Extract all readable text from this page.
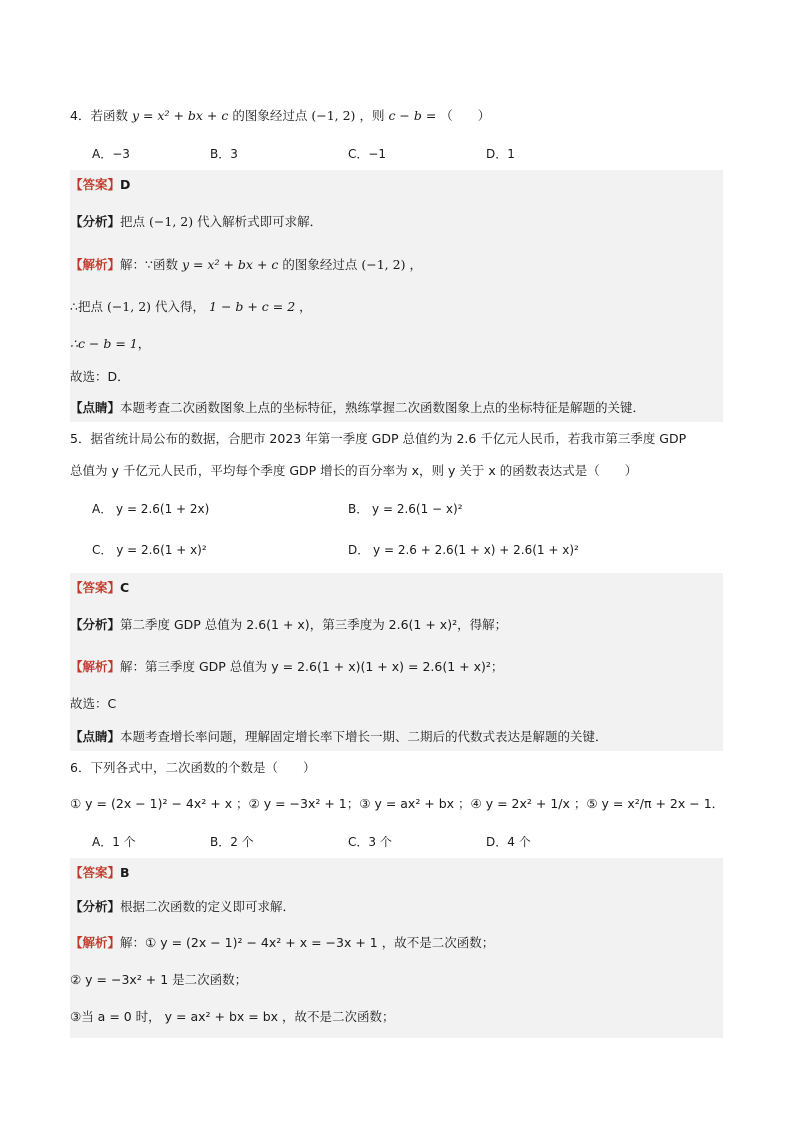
4．若函数 y = x² + bx + c 的图象经过点 (−1, 2) ，则 c − b = （　　）
A．−3	B．3	C．−1	D．1
【答案】D
【分析】把点 (−1, 2) 代入解析式即可求解．
【解析】解：∵函数 y = x² + bx + c 的图象经过点 (−1, 2) ，
∴把点 (−1, 2) 代入得， 1 − b + c = 2 ，
∴c − b = 1，
故选：D．
【点睛】本题考查二次函数图象上点的坐标特征，熟练掌握二次函数图象上点的坐标特征是解题的关键．
5．据省统计局公布的数据，合肥市 2023 年第一季度 GDP 总值约为 2.6 千亿元人民币，若我市第三季度 GDP
总值为 y 千亿元人民币，平均每个季度 GDP 增长的百分率为 x，则 y 关于 x 的函数表达式是（　　）
A． y = 2.6(1 + 2x)	B． y = 2.6(1 − x)²
C． y = 2.6(1 + x)²	D． y = 2.6 + 2.6(1 + x) + 2.6(1 + x)²
【答案】C
【分析】第二季度 GDP 总值为 2.6(1 + x)，第三季度为 2.6(1 + x)²，得解；
【解析】解：第三季度 GDP 总值为 y = 2.6(1 + x)(1 + x) = 2.6(1 + x)²；
故选：C
【点睛】本题考查增长率问题，理解固定增长率下增长一期、二期后的代数式表达是解题的关键．
6．下列各式中，二次函数的个数是（　　）
① y = (2x − 1)² − 4x² + x ；② y = −3x² + 1；③ y = ax² + bx ；④ y = 2x² + 1/x ；⑤ y = x²/π + 2x − 1．
A．1 个	B．2 个	C．3 个	D．4 个
【答案】B
【分析】根据二次函数的定义即可求解．
【解析】解：① y = (2x − 1)² − 4x² + x = −3x + 1 ，故不是二次函数；
② y = −3x² + 1 是二次函数；
③当 a = 0 时， y = ax² + bx = bx ，故不是二次函数；
